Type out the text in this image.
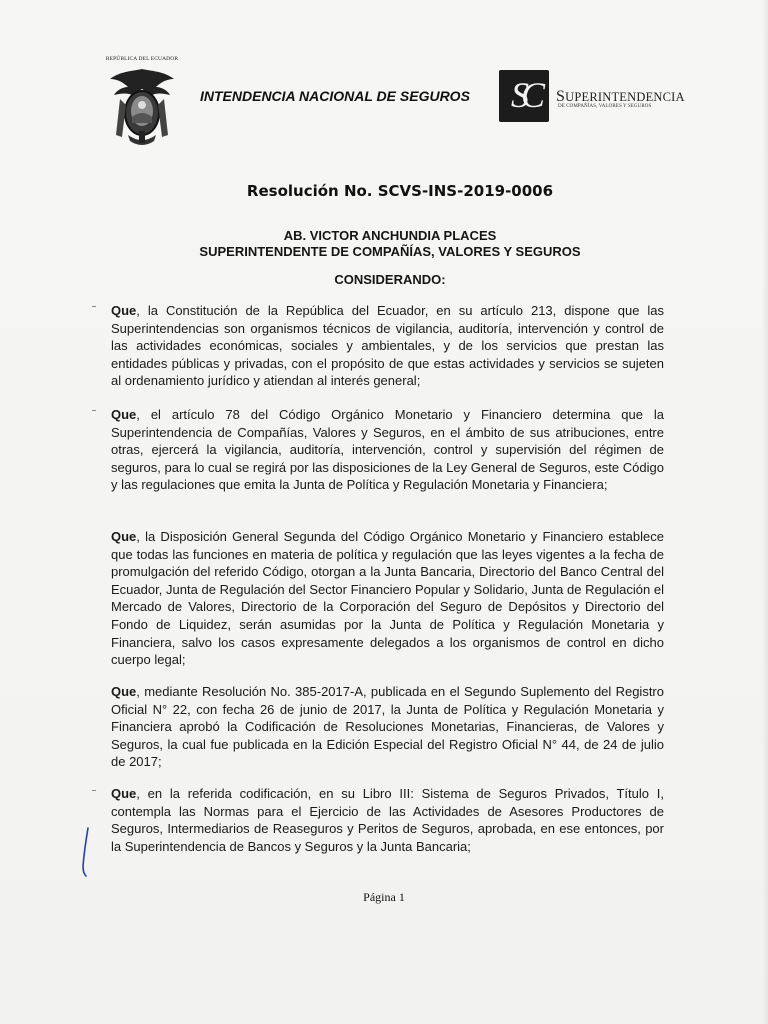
REPÚBLICA DEL ECUADOR
INTENDENCIA NACIONAL DE SEGUROS	SC	SUPERINTENDENCIA
DE COMPAÑÍAS, VALORES Y SEGUROS
Resolución No. SCVS-INS-2019-0006
AB. VICTOR ANCHUNDIA PLACES
SUPERINTENDENTE DE COMPAÑÍAS, VALORES Y SEGUROS
CONSIDERANDO:
Que, la Constitución de la República del Ecuador, en su artículo 213, dispone que las Superintendencias son organismos técnicos de vigilancia, auditoría, intervención y control de las actividades económicas, sociales y ambientales, y de los servicios que prestan las entidades públicas y privadas, con el propósito de que estas actividades y servicios se sujeten al ordenamiento jurídico y atiendan al interés general;
Que, el artículo 78 del Código Orgánico Monetario y Financiero determina que la Superintendencia de Compañías, Valores y Seguros, en el ámbito de sus atribuciones, entre otras, ejercerá la vigilancia, auditoría, intervención, control y supervisión del régimen de seguros, para lo cual se regirá por las disposiciones de la Ley General de Seguros, este Código y las regulaciones que emita la Junta de Política y Regulación Monetaria y Financiera;
Que, la Disposición General Segunda del Código Orgánico Monetario y Financiero establece que todas las funciones en materia de política y regulación que las leyes vigentes a la fecha de promulgación del referido Código, otorgan a la Junta Bancaria, Directorio del Banco Central del Ecuador, Junta de Regulación del Sector Financiero Popular y Solidario, Junta de Regulación el Mercado de Valores, Directorio de la Corporación del Seguro de Depósitos y Directorio del Fondo de Liquidez, serán asumidas por la Junta de Política y Regulación Monetaria y Financiera, salvo los casos expresamente delegados a los organismos de control en dicho cuerpo legal;
Que, mediante Resolución No. 385-2017-A, publicada en el Segundo Suplemento del Registro Oficial N° 22, con fecha 26 de junio de 2017, la Junta de Política y Regulación Monetaria y Financiera aprobó la Codificación de Resoluciones Monetarias, Financieras, de Valores y Seguros, la cual fue publicada en la Edición Especial del Registro Oficial N° 44, de 24 de julio de 2017;
Que, en la referida codificación, en su Libro III: Sistema de Seguros Privados, Título I, contempla las Normas para el Ejercicio de las Actividades de Asesores Productores de Seguros, Intermediarios de Reaseguros y Peritos de Seguros, aprobada, en ese entonces, por la Superintendencia de Bancos y Seguros y la Junta Bancaria;
Página 1
